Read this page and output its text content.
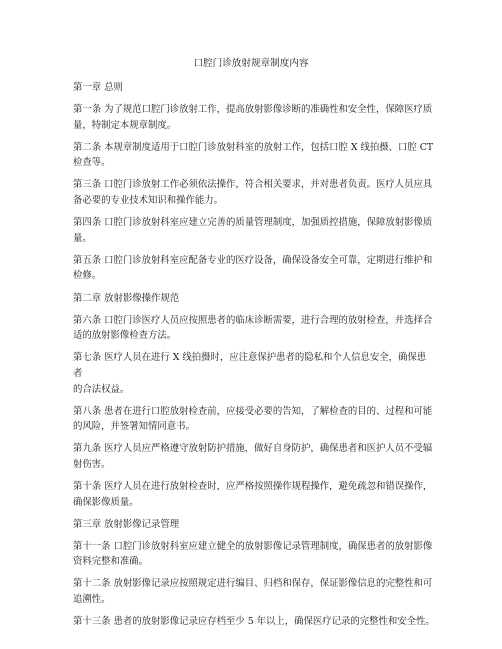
口腔门诊放射规章制度内容

第一章 总则

第一条 为了规范口腔门诊放射工作，提高放射影像诊断的准确性和安全性，保障医疗质量，特制定本规章制度。

第二条 本规章制度适用于口腔门诊放射科室的放射工作，包括口腔 X 线拍摄、口腔 CT 检查等。

第三条 口腔门诊放射工作必须依法操作，符合相关要求，并对患者负责。医疗人员应具备必要的专业技术知识和操作能力。

第四条 口腔门诊放射科室应建立完善的质量管理制度，加强质控措施，保障放射影像质量。

第五条 口腔门诊放射科室应配备专业的医疗设备，确保设备安全可靠，定期进行维护和检修。

第二章 放射影像操作规范

第六条 口腔门诊医疗人员应按照患者的临床诊断需要，进行合理的放射检查，并选择合适的放射影像检查方法。

第七条 医疗人员在进行 X 线拍摄时，应注意保护患者的隐私和个人信息安全，确保患者
的合法权益。

第八条 患者在进行口腔放射检查前，应接受必要的告知，了解检查的目的、过程和可能的风险，并签署知情同意书。

第九条 医疗人员应严格遵守放射防护措施，做好自身防护，确保患者和医护人员不受辐射伤害。

第十条 医疗人员在进行放射检查时，应严格按照操作规程操作，避免疏忽和错误操作，确保影像质量。

第三章 放射影像记录管理

第十一条 口腔门诊放射科室应建立健全的放射影像记录管理制度，确保患者的放射影像资料完整和准确。

第十二条 放射影像记录应按照规定进行编目、归档和保存，保证影像信息的完整性和可追溯性。

第十三条 患者的放射影像记录应存档至少 5 年以上，确保医疗记录的完整性和安全性。
